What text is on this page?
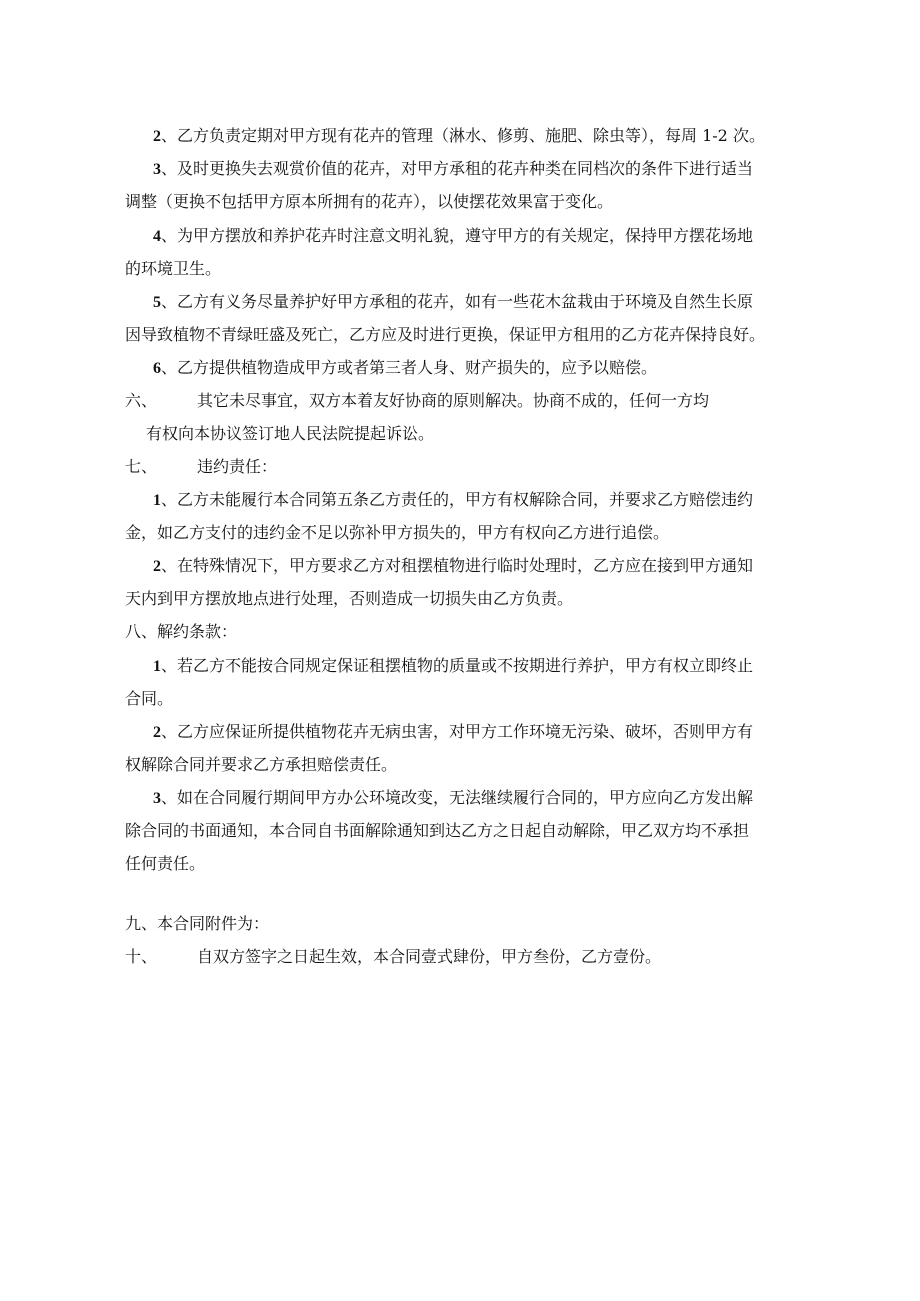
2、乙方负责定期对甲方现有花卉的管理（淋水、修剪、施肥、除虫等），每周 1-2 次。

3、及时更换失去观赏价值的花卉，对甲方承租的花卉种类在同档次的条件下进行适当

调整（更换不包括甲方原本所拥有的花卉），以使摆花效果富于变化。

4、为甲方摆放和养护花卉时注意文明礼貌，遵守甲方的有关规定，保持甲方摆花场地

的环境卫生。

5、乙方有义务尽量养护好甲方承租的花卉，如有一些花木盆栽由于环境及自然生长原

因导致植物不青绿旺盛及死亡，乙方应及时进行更换，保证甲方租用的乙方花卉保持良好。

6、乙方提供植物造成甲方或者第三者人身、财产损失的，应予以赔偿。

六、	其它未尽事宜，双方本着友好协商的原则解决。协商不成的，任何一方均

有权向本协议签订地人民法院提起诉讼。

七、	违约责任：

1、乙方未能履行本合同第五条乙方责任的，甲方有权解除合同，并要求乙方赔偿违约

金，如乙方支付的违约金不足以弥补甲方损失的，甲方有权向乙方进行追偿。

2、在特殊情况下，甲方要求乙方对租摆植物进行临时处理时，乙方应在接到甲方通知

天内到甲方摆放地点进行处理，否则造成一切损失由乙方负责。

八、解约条款：

1、若乙方不能按合同规定保证租摆植物的质量或不按期进行养护，甲方有权立即终止

合同。

2、乙方应保证所提供植物花卉无病虫害，对甲方工作环境无污染、破坏，否则甲方有

权解除合同并要求乙方承担赔偿责任。

3、如在合同履行期间甲方办公环境改变，无法继续履行合同的，甲方应向乙方发出解

除合同的书面通知，本合同自书面解除通知到达乙方之日起自动解除，甲乙双方均不承担

任何责任。

九、本合同附件为：

十、	自双方签字之日起生效，本合同壹式肆份，甲方叁份，乙方壹份。
